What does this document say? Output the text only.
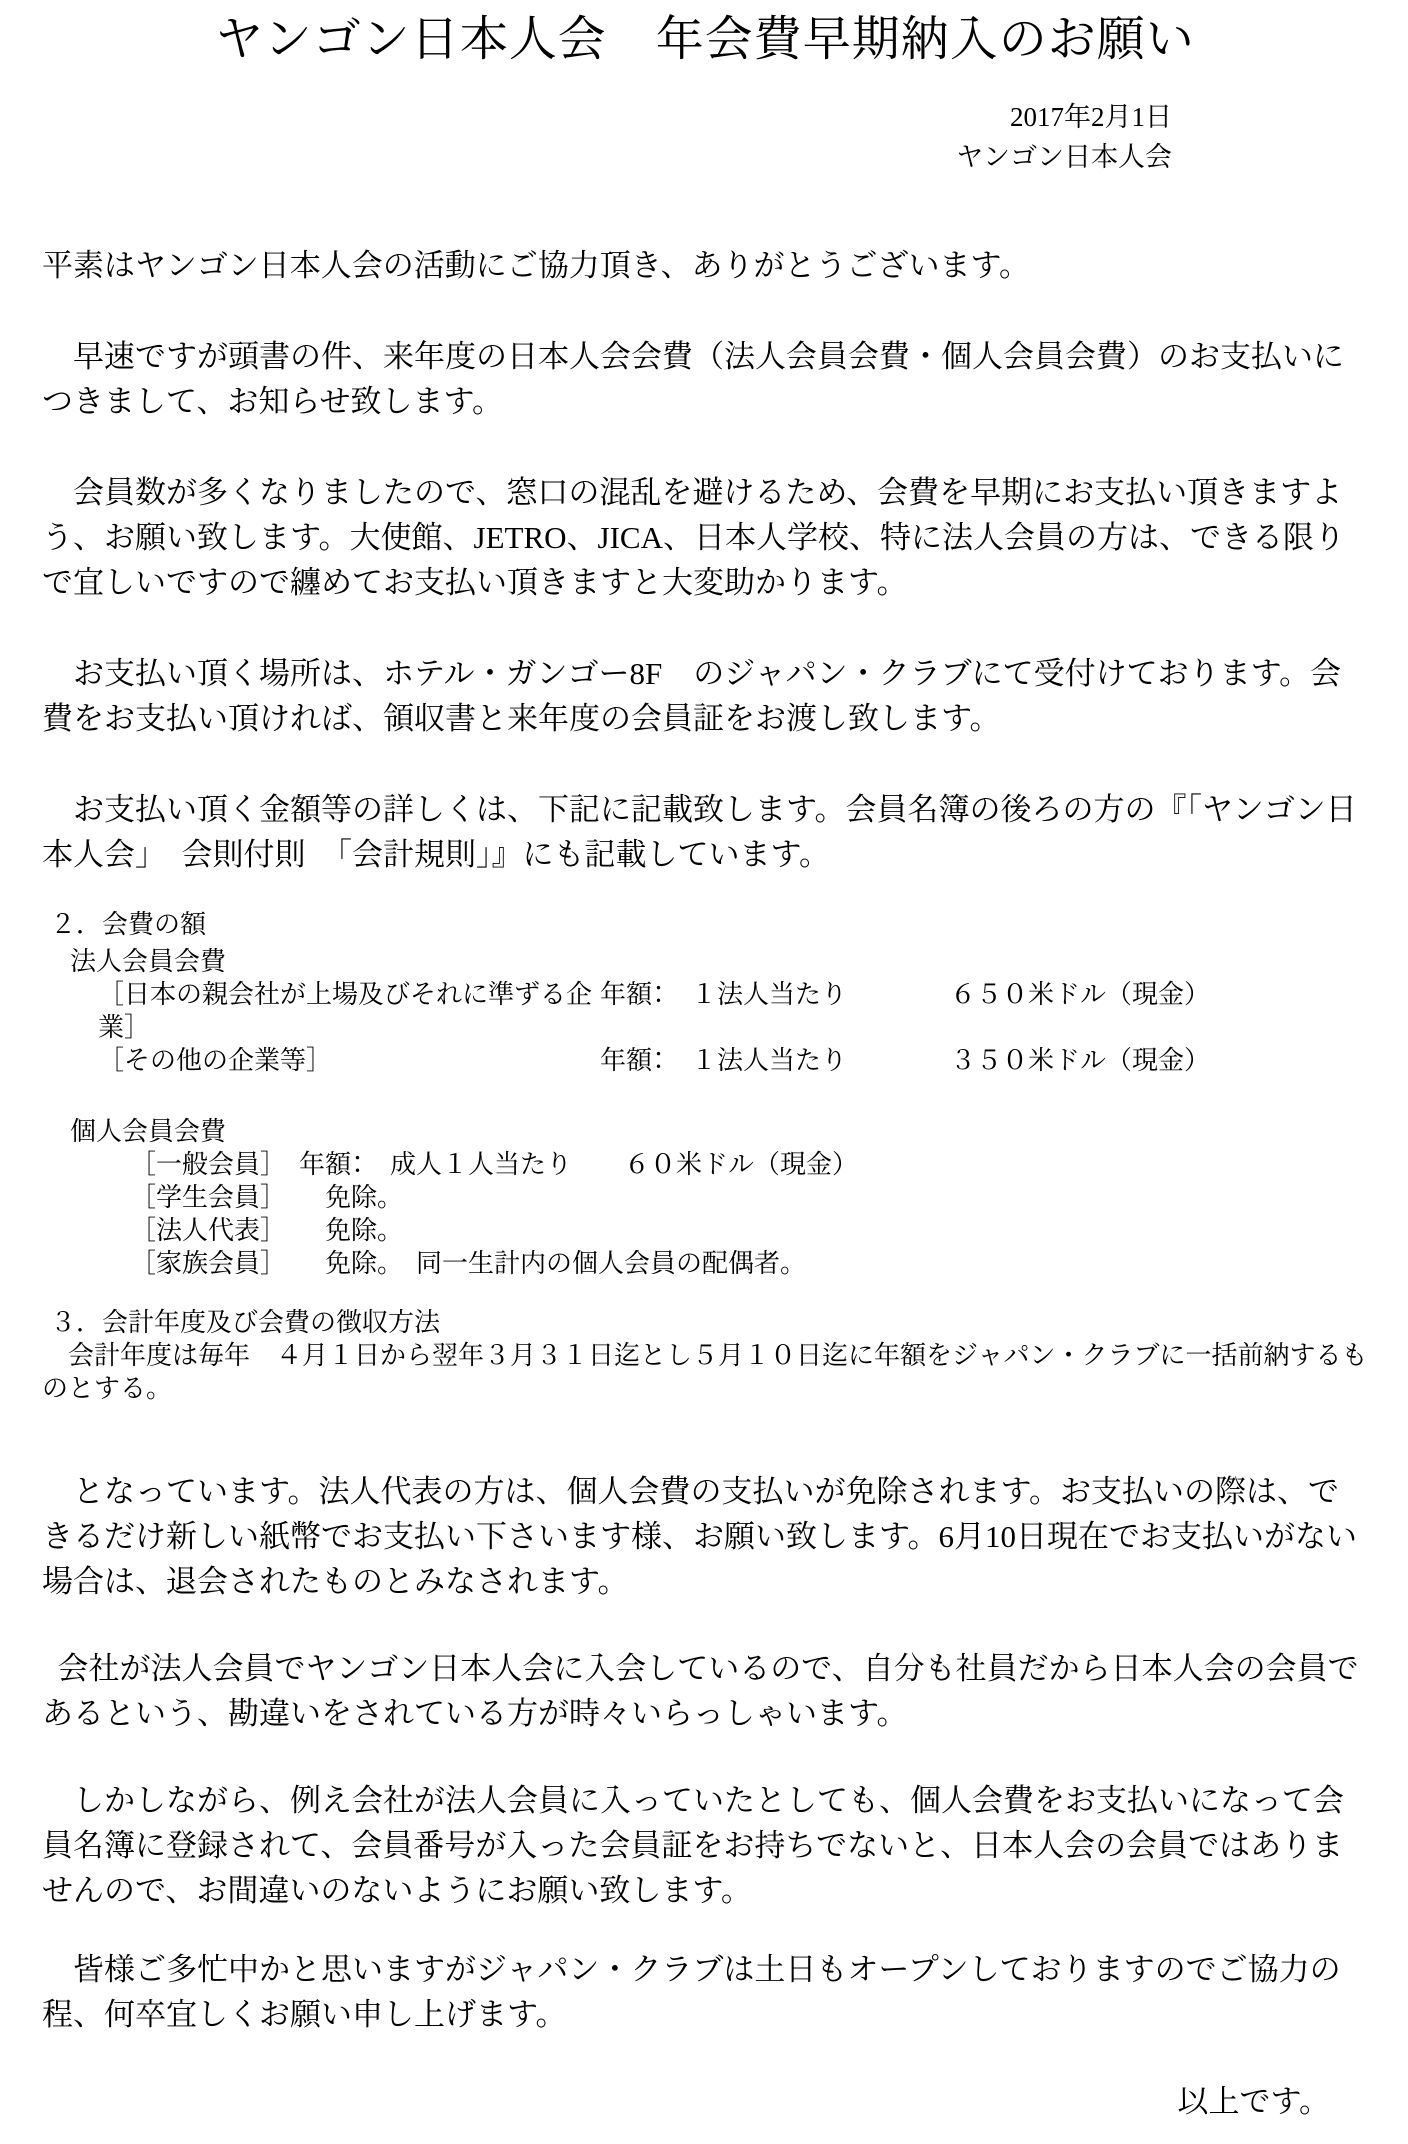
ヤンゴン日本人会　年会費早期納入のお願い
2017年2月1日
ヤンゴン日本人会

平素はヤンゴン日本人会の活動にご協力頂き、ありがとうございます。

早速ですが頭書の件、来年度の日本人会会費（法人会員会費・個人会員会費）のお支払いにつきまして、お知らせ致します。

会員数が多くなりましたので、窓口の混乱を避けるため、会費を早期にお支払い頂きますよう、お願い致します。大使館、JETRO、JICA、日本人学校、特に法人会員の方は、できる限りで宜しいですので纏めてお支払い頂きますと大変助かります。

お支払い頂く場所は、ホテル・ガンゴー8F　のジャパン・クラブにて受付けております。会費をお支払い頂ければ、領収書と来年度の会員証をお渡し致します。

お支払い頂く金額等の詳しくは、下記に記載致します。会員名簿の後ろの方の『「ヤンゴン日本人会」　会則付則　「会計規則」』にも記載しています。

２．会費の額
法人会員会費
［日本の親会社が上場及びそれに準ずる企業］
年額：　１法人当たり	６５０米ドル（現金）
［その他の企業等］	年額：　１法人当たり	３５０米ドル（現金）
個人会員会費
［一般会員］　年額：　成人１人当たり　　６０米ドル（現金）
［学生会員］　　免除。
［法人代表］　　免除。
［家族会員］　　免除。　同一生計内の個人会員の配偶者。
３．会計年度及び会費の徴収方法
会計年度は毎年　４月１日から翌年３月３１日迄とし５月１０日迄に年額をジャパン・クラブに一括前納するものとする。

となっています。法人代表の方は、個人会費の支払いが免除されます。お支払いの際は、できるだけ新しい紙幣でお支払い下さいます様、お願い致します。6月10日現在でお支払いがない場合は、退会されたものとみなされます。

会社が法人会員でヤンゴン日本人会に入会しているので、自分も社員だから日本人会の会員であるという、勘違いをされている方が時々いらっしゃいます。

しかしながら、例え会社が法人会員に入っていたとしても、個人会費をお支払いになって会員名簿に登録されて、会員番号が入った会員証をお持ちでないと、日本人会の会員ではありませんので、お間違いのないようにお願い致します。

皆様ご多忙中かと思いますがジャパン・クラブは土日もオープンしておりますのでご協力の程、何卒宜しくお願い申し上げます。

以上です。
